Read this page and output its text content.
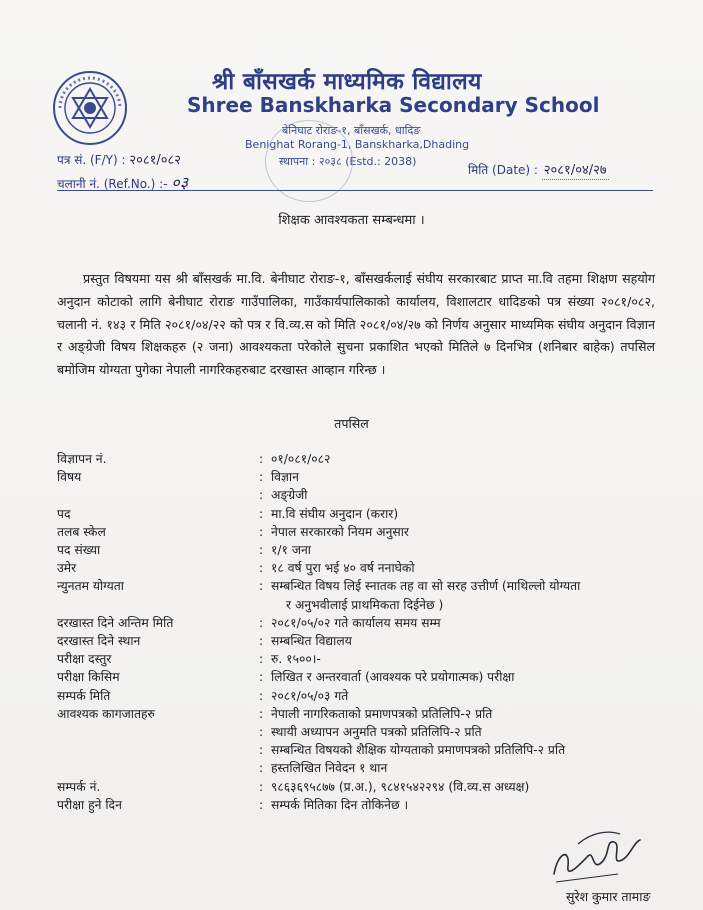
श्री बाँसखर्क माध्यमिक विद्यालय
Shree Banskharka Secondary School
बेनिघाट रोराङ-१, बाँसखर्क, धादिङ
Benighat Rorang-1, Banskharka,Dhading
स्थापना : २०३८ (Estd.: 2038)
पत्र सं. (F/Y) : २०८१/०८२
चलानी नं. (Ref.No.) :- ०३
मिति (Date) : २०८१/०४/२७
शिक्षक आवश्यकता सम्बन्धमा ।
प्रस्तुत विषयमा यस श्री बाँसखर्क मा.वि. बेनीघाट रोराङ-१, बाँसखर्कलाई संघीय सरकारबाट प्राप्त मा.वि तहमा शिक्षण सहयोग अनुदान कोटाको लागि बेनीघाट रोराङ गाउँपालिका, गाउँकार्यपालिकाको कार्यालय, विशालटार धादिङको पत्र संख्या २०८१/०८२, चलानी नं. १४३ र मिति २०८१/०४/२२ को पत्र र वि.व्य.स को मिति २०८१/०४/२७ को निर्णय अनुसार माध्यमिक संघीय अनुदान विज्ञान र अङ्ग्रेजी विषय शिक्षकहरु (२ जना) आवश्यकता परेकोले सुचना प्रकाशित भएको मितिले ७ दिनभित्र (शनिबार बाहेक) तपसिल बमोजिम योग्यता पुगेका नेपाली नागरिकहरुबाट दरखास्त आव्हान गरिन्छ ।
तपसिल
विज्ञापन नं.	: ०१/०८१/०८२
विषय	: विज्ञान
: अङ्ग्रेजी
पद	: मा.वि संघीय अनुदान (करार)
तलब स्केल	: नेपाल सरकारको नियम अनुसार
पद संख्या	: १/१ जना
उमेर	: १८ वर्ष पुरा भई ४० वर्ष ननाघेको
न्युनतम योग्यता	: सम्बन्धित विषय लिई स्नातक तह वा सो सरह उत्तीर्ण (माथिल्लो योग्यता
र अनुभवीलाई प्राथमिकता दिईनेछ )
दरखास्त दिने अन्तिम मिति	: २०८१/०५/०२ गते कार्यालय समय सम्म
दरखास्त दिने स्थान	: सम्बन्धित विद्यालय
परीक्षा दस्तुर	: रु. १५००।-
परीक्षा किसिम	: लिखित र अन्तरवार्ता (आवश्यक परे प्रयोगात्मक) परीक्षा
सम्पर्क मिति	: २०८१/०५/०३ गते
आवश्यक कागजातहरु	: नेपाली नागरिकताको प्रमाणपत्रको प्रतिलिपि-२ प्रति
: स्थायी अध्यापन अनुमति पत्रको प्रतिलिपि-२ प्रति
: सम्बन्धित विषयको शैक्षिक योग्यताको प्रमाणपत्रको प्रतिलिपि-२ प्रति
: हस्तलिखित निवेदन १ थान
सम्पर्क नं.	: ९८६३६९५८७७ (प्र.अ.), ९८४१५४२२९४ (वि.व्य.स अध्यक्ष)
परीक्षा हुने दिन	: सम्पर्क मितिका दिन तोकिनेछ ।
सुरेश कुमार तामाङ
